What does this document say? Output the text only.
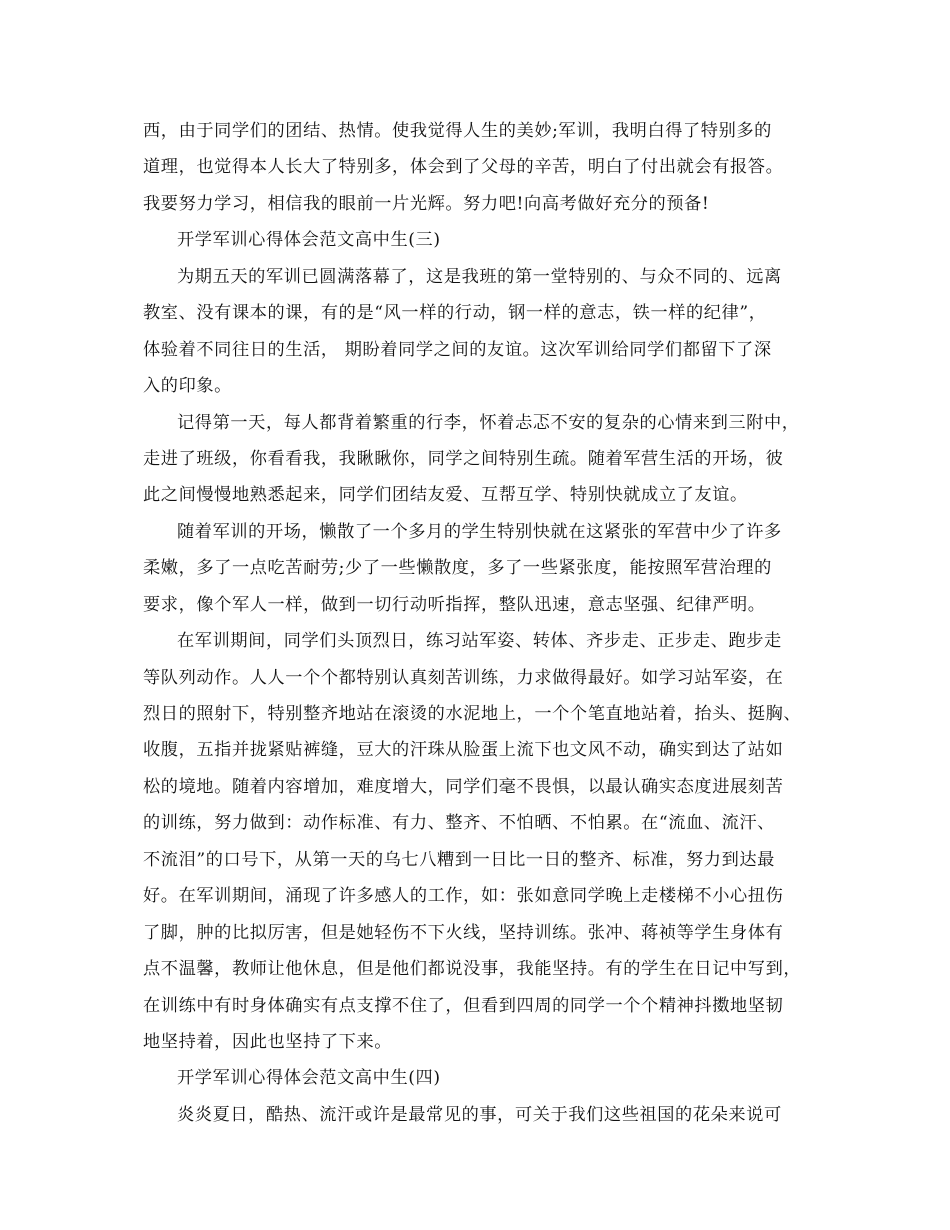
西，由于同学们的团结、热情。使我觉得人生的美妙;军训，我明白得了特别多的
道理，也觉得本人长大了特别多，体会到了父母的辛苦，明白了付出就会有报答。
我要努力学习，相信我的眼前一片光辉。努力吧!向高考做好充分的预备!
开学军训心得体会范文高中生(三)
为期五天的军训已圆满落幕了，这是我班的第一堂特别的、与众不同的、远离
教室、没有课本的课，有的是“风一样的行动，钢一样的意志，铁一样的纪律”，
体验着不同往日的生活， 期盼着同学之间的友谊。这次军训给同学们都留下了深
入的印象。
记得第一天，每人都背着繁重的行李，怀着忐忑不安的复杂的心情来到三附中，
走进了班级，你看看我，我瞅瞅你，同学之间特别生疏。随着军营生活的开场，彼
此之间慢慢地熟悉起来，同学们团结友爱、互帮互学、特别快就成立了友谊。
随着军训的开场，懒散了一个多月的学生特别快就在这紧张的军营中少了许多
柔嫩，多了一点吃苦耐劳;少了一些懒散度，多了一些紧张度，能按照军营治理的
要求，像个军人一样，做到一切行动听指挥，整队迅速，意志坚强、纪律严明。
在军训期间，同学们头顶烈日，练习站军姿、转体、齐步走、正步走、跑步走
等队列动作。人人一个个都特别认真刻苦训练，力求做得最好。如学习站军姿，在
烈日的照射下，特别整齐地站在滚烫的水泥地上，一个个笔直地站着，抬头、挺胸、
收腹，五指并拢紧贴裤缝，豆大的汗珠从脸蛋上流下也文风不动，确实到达了站如
松的境地。随着内容增加，难度增大，同学们毫不畏惧，以最认确实态度进展刻苦
的训练，努力做到：动作标准、有力、整齐、不怕晒、不怕累。在“流血、流汗、
不流泪”的口号下，从第一天的乌七八糟到一日比一日的整齐、标准，努力到达最
好。在军训期间，涌现了许多感人的工作，如：张如意同学晚上走楼梯不小心扭伤
了脚，肿的比拟厉害，但是她轻伤不下火线，坚持训练。张冲、蒋祯等学生身体有
点不温馨，教师让他休息，但是他们都说没事，我能坚持。有的学生在日记中写到，
在训练中有时身体确实有点支撑不住了，但看到四周的同学一个个精神抖擞地坚韧
地坚持着，因此也坚持了下来。
开学军训心得体会范文高中生(四)
炎炎夏日，酷热、流汗或许是最常见的事，可关于我们这些祖国的花朵来说可
